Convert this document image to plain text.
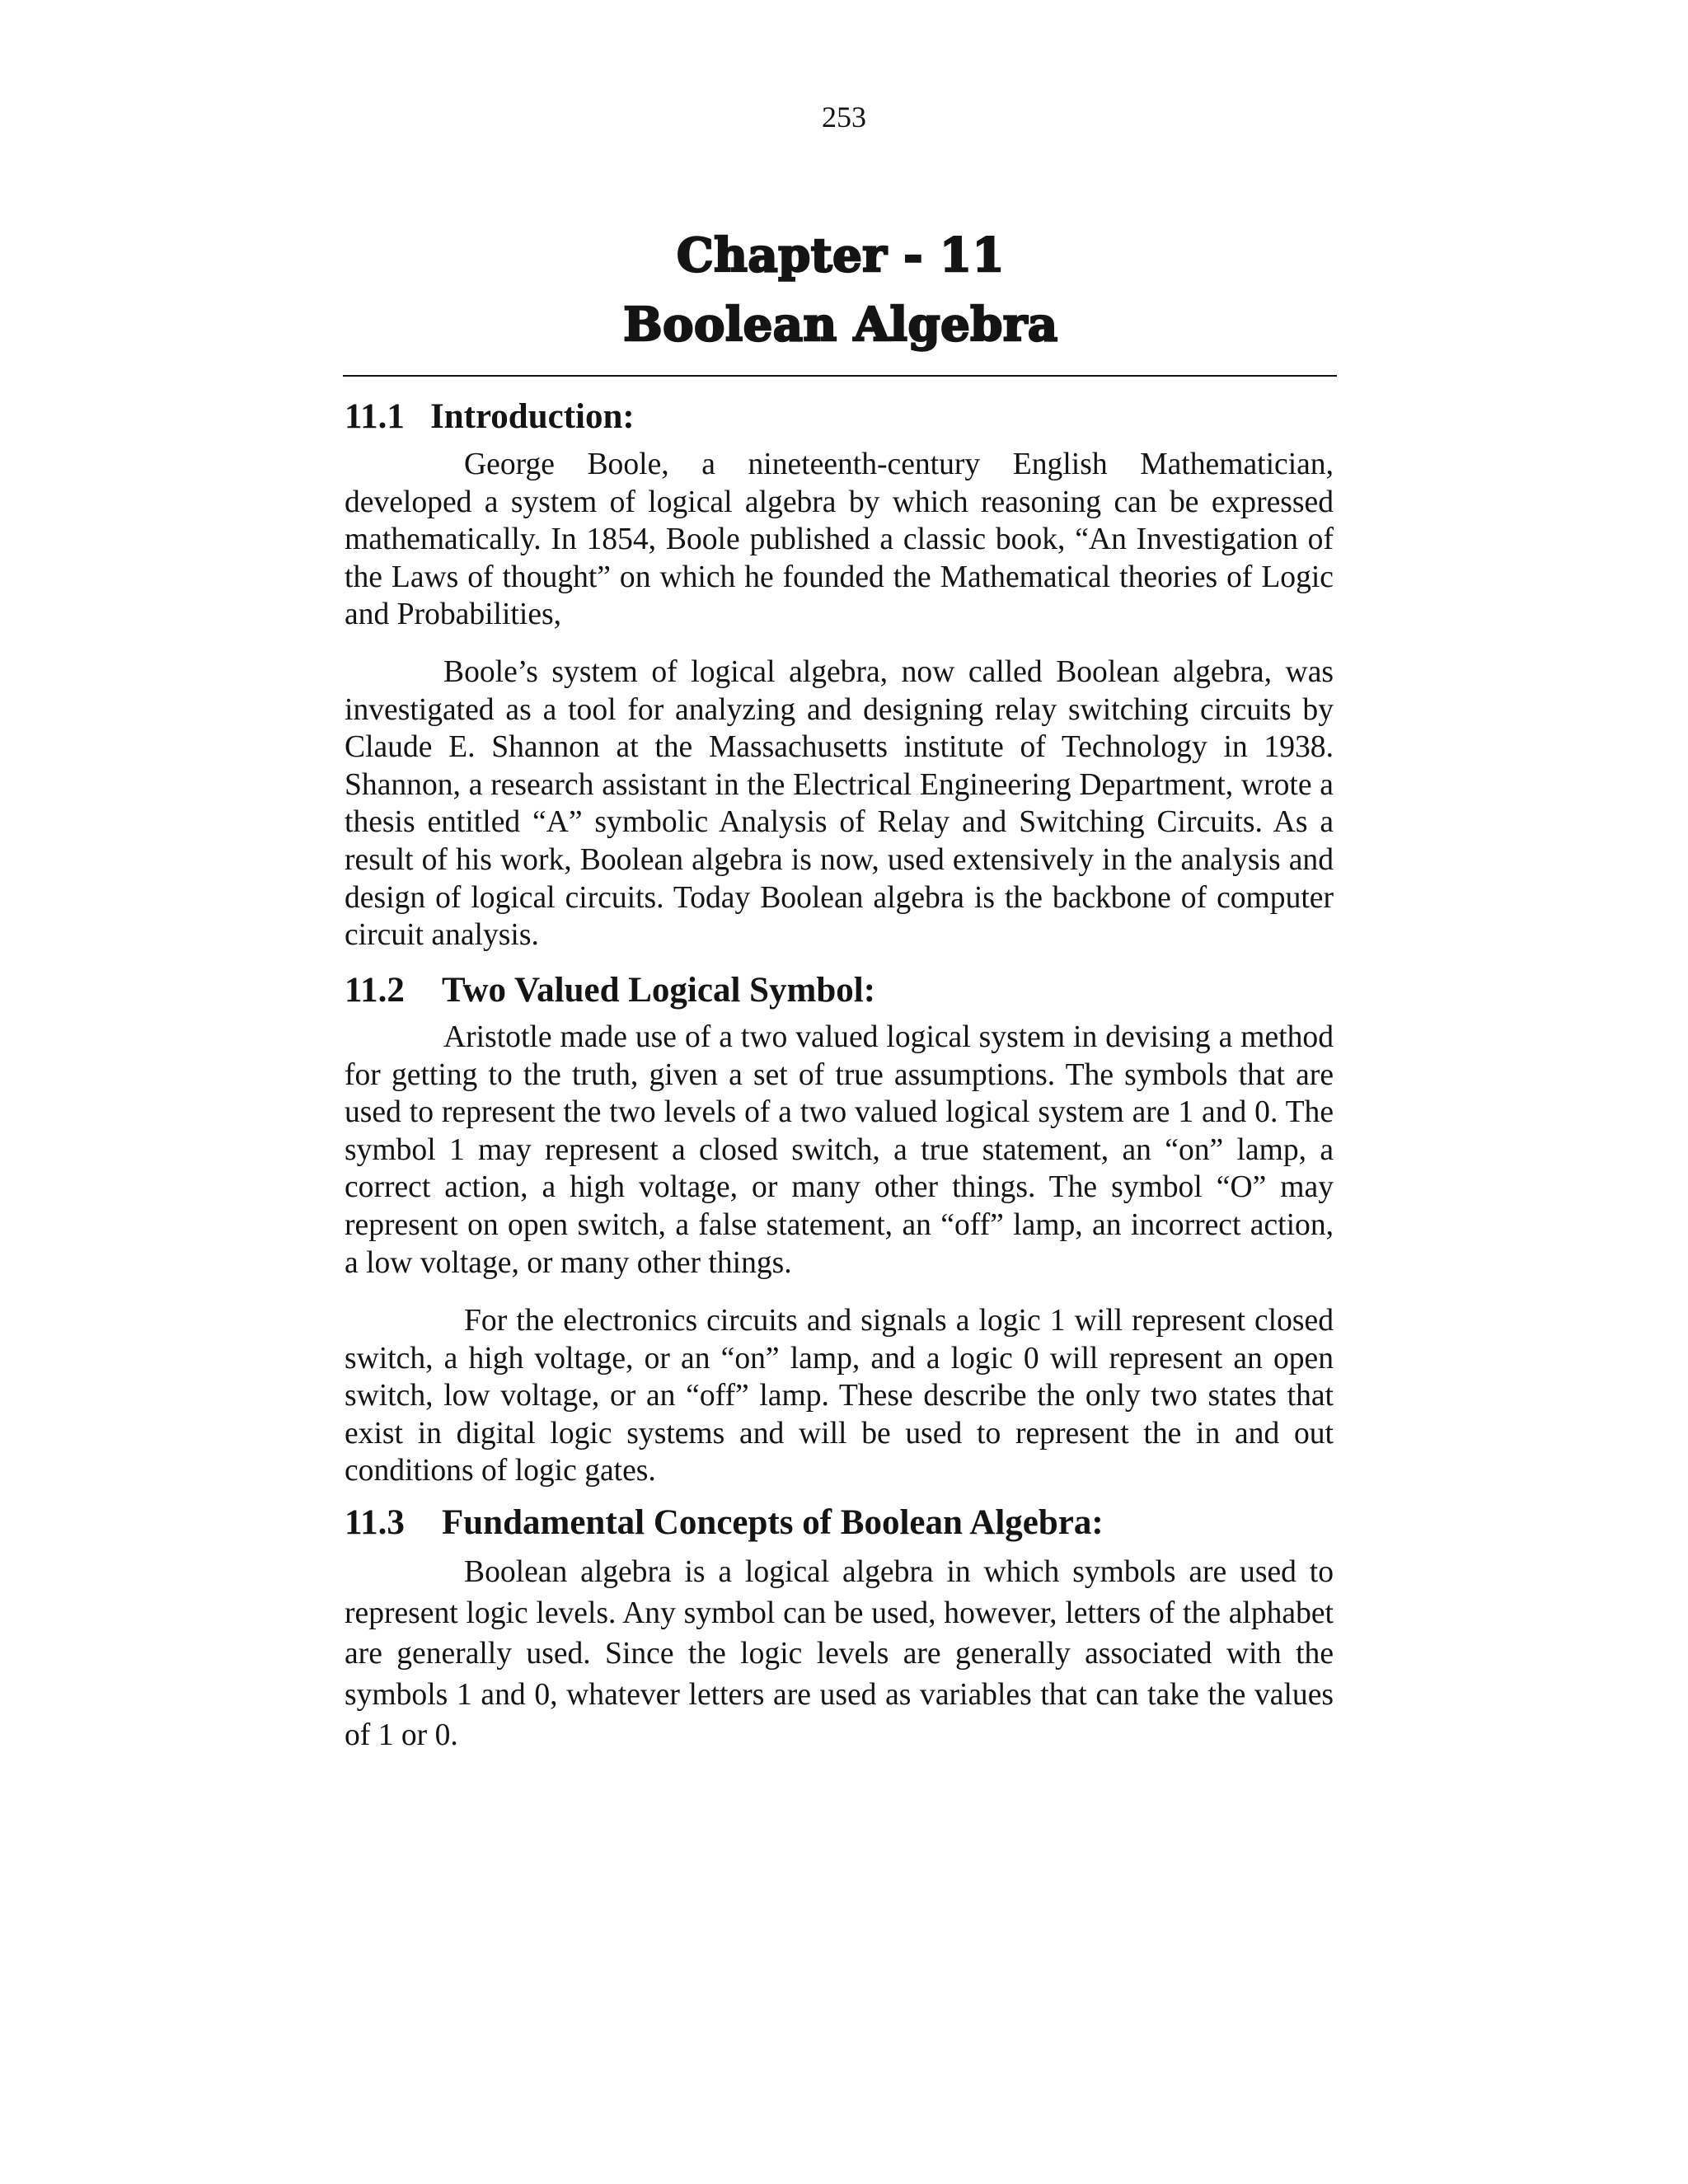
253
Chapter - 11
Boolean Algebra
11.1 Introduction:

George Boole, a nineteenth-century English Mathematician, developed a system of logical algebra by which reasoning can be expressed mathematically. In 1854, Boole published a classic book, “An Investigation of the Laws of thought” on which he founded the Mathematical theories of Logic and Probabilities,

Boole’s system of logical algebra, now called Boolean algebra, was investigated as a tool for analyzing and designing relay switching circuits by Claude E. Shannon at the Massachusetts institute of Technology in 1938. Shannon, a research assistant in the Electrical Engineering Department, wrote a thesis entitled “A” symbolic Analysis of Relay and Switching Circuits. As a result of his work, Boolean algebra is now, used extensively in the analysis and design of logical circuits. Today Boolean algebra is the backbone of computer circuit analysis.

11.2 Two Valued Logical Symbol:

Aristotle made use of a two valued logical system in devising a method for getting to the truth, given a set of true assumptions. The symbols that are used to represent the two levels of a two valued logical system are 1 and 0. The symbol 1 may represent a closed switch, a true statement, an “on” lamp, a correct action, a high voltage, or many other things. The symbol “O” may represent on open switch, a false statement, an “off” lamp, an incorrect action, a low voltage, or many other things.

For the electronics circuits and signals a logic 1 will represent closed switch, a high voltage, or an “on” lamp, and a logic 0 will represent an open switch, low voltage, or an “off” lamp. These describe the only two states that exist in digital logic systems and will be used to represent the in and out conditions of logic gates.

11.3 Fundamental Concepts of Boolean Algebra:

Boolean algebra is a logical algebra in which symbols are used to represent logic levels. Any symbol can be used, however, letters of the alphabet are generally used. Since the logic levels are generally associated with the symbols 1 and 0, whatever letters are used as variables that can take the values of 1 or 0.
